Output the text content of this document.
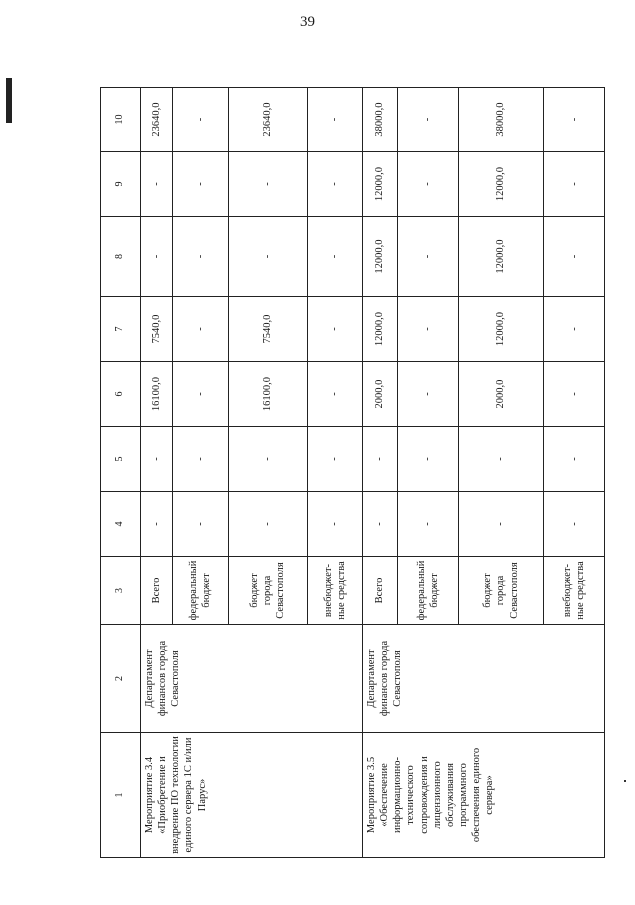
39
1	2	3	4	5	6	7	8	9	10
Мероприятие 3.4 «Приобретение и внедрение ПО технологии единого сервера 1С и/или Парус»	Департамент финансов города Севастополя	Всего	-	-	16100,0	7540,0	-	-	23640,0
		федеральный бюджет	-	-	-	-	-	-	-
		бюджет города Севастополя	-	-	16100,0	7540,0	-	-	23640,0
		внебюджет-ные средства	-	-	-	-	-	-	-
Мероприятие 3.5 «Обеспечение информационно-технического сопровождения и лицензионного обслуживания программного обеспечения единого сервера»	Департамент финансов города Севастополя	Всего	-	-	2000,0	12000,0	12000,0	12000,0	38000,0
		федеральный бюджет	-	-	-	-	-	-	-
		бюджет города Севастополя	-	-	2000,0	12000,0	12000,0	12000,0	38000,0
		внебюджет-ные средства	-	-	-	-	-	-	-
